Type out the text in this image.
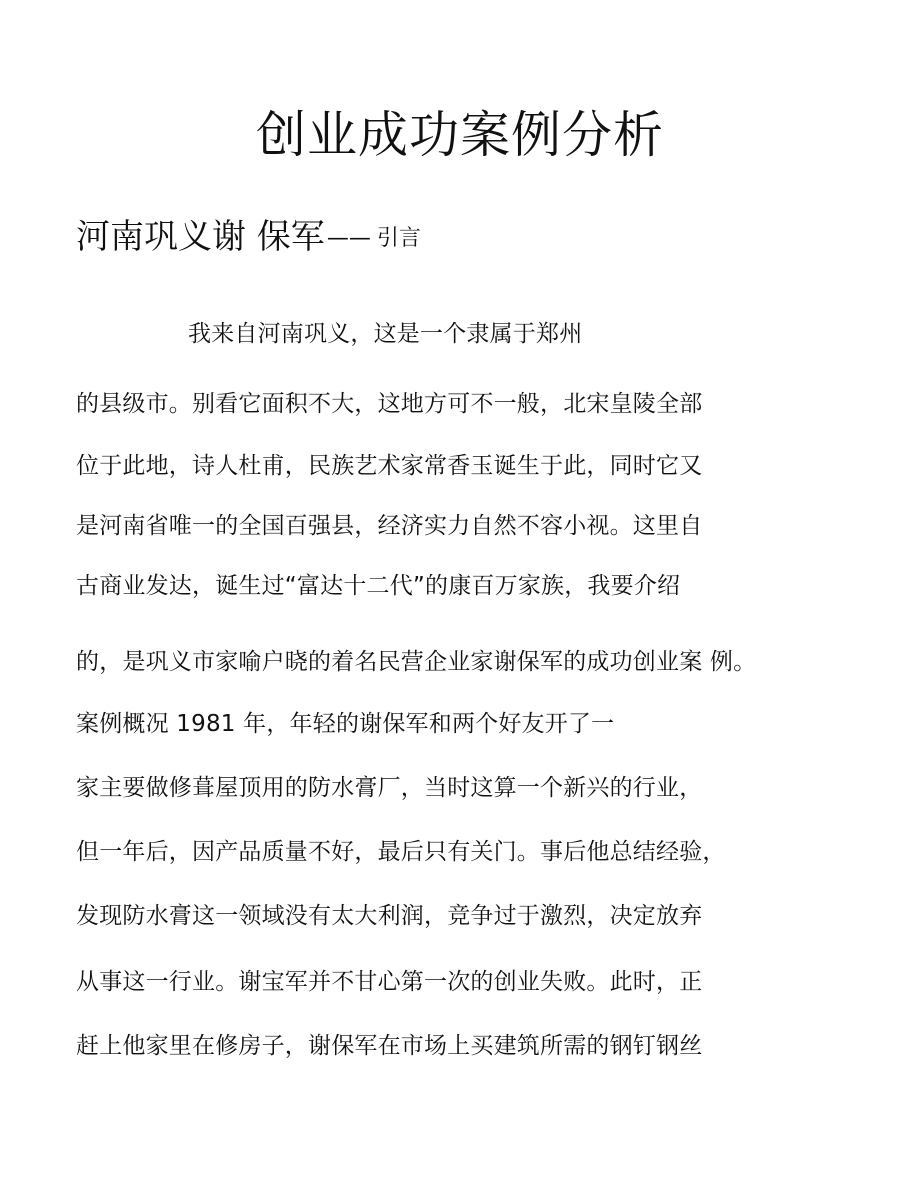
创业成功案例分析
河南巩义谢 保军—— 引言
我来自河南巩义，这是一个隶属于郑州
的县级市。别看它面积不大，这地方可不一般，北宋皇陵全部
位于此地，诗人杜甫，民族艺术家常香玉诞生于此，同时它又
是河南省唯一的全国百强县，经济实力自然不容小视。这里自
古商业发达，诞生过“富达十二代”的康百万家族，我要介绍
的，是巩义市家喻户晓的着名民营企业家谢保军的成功创业案 例。
案例概况 1981 年，年轻的谢保军和两个好友开了一
家主要做修葺屋顶用的防水膏厂，当时这算一个新兴的行业，
但一年后，因产品质量不好，最后只有关门。事后他总结经验，
发现防水膏这一领域没有太大利润，竞争过于激烈，决定放弃
从事这一行业。谢宝军并不甘心第一次的创业失败。此时，正
赶上他家里在修房子，谢保军在市场上买建筑所需的钢钉钢丝
